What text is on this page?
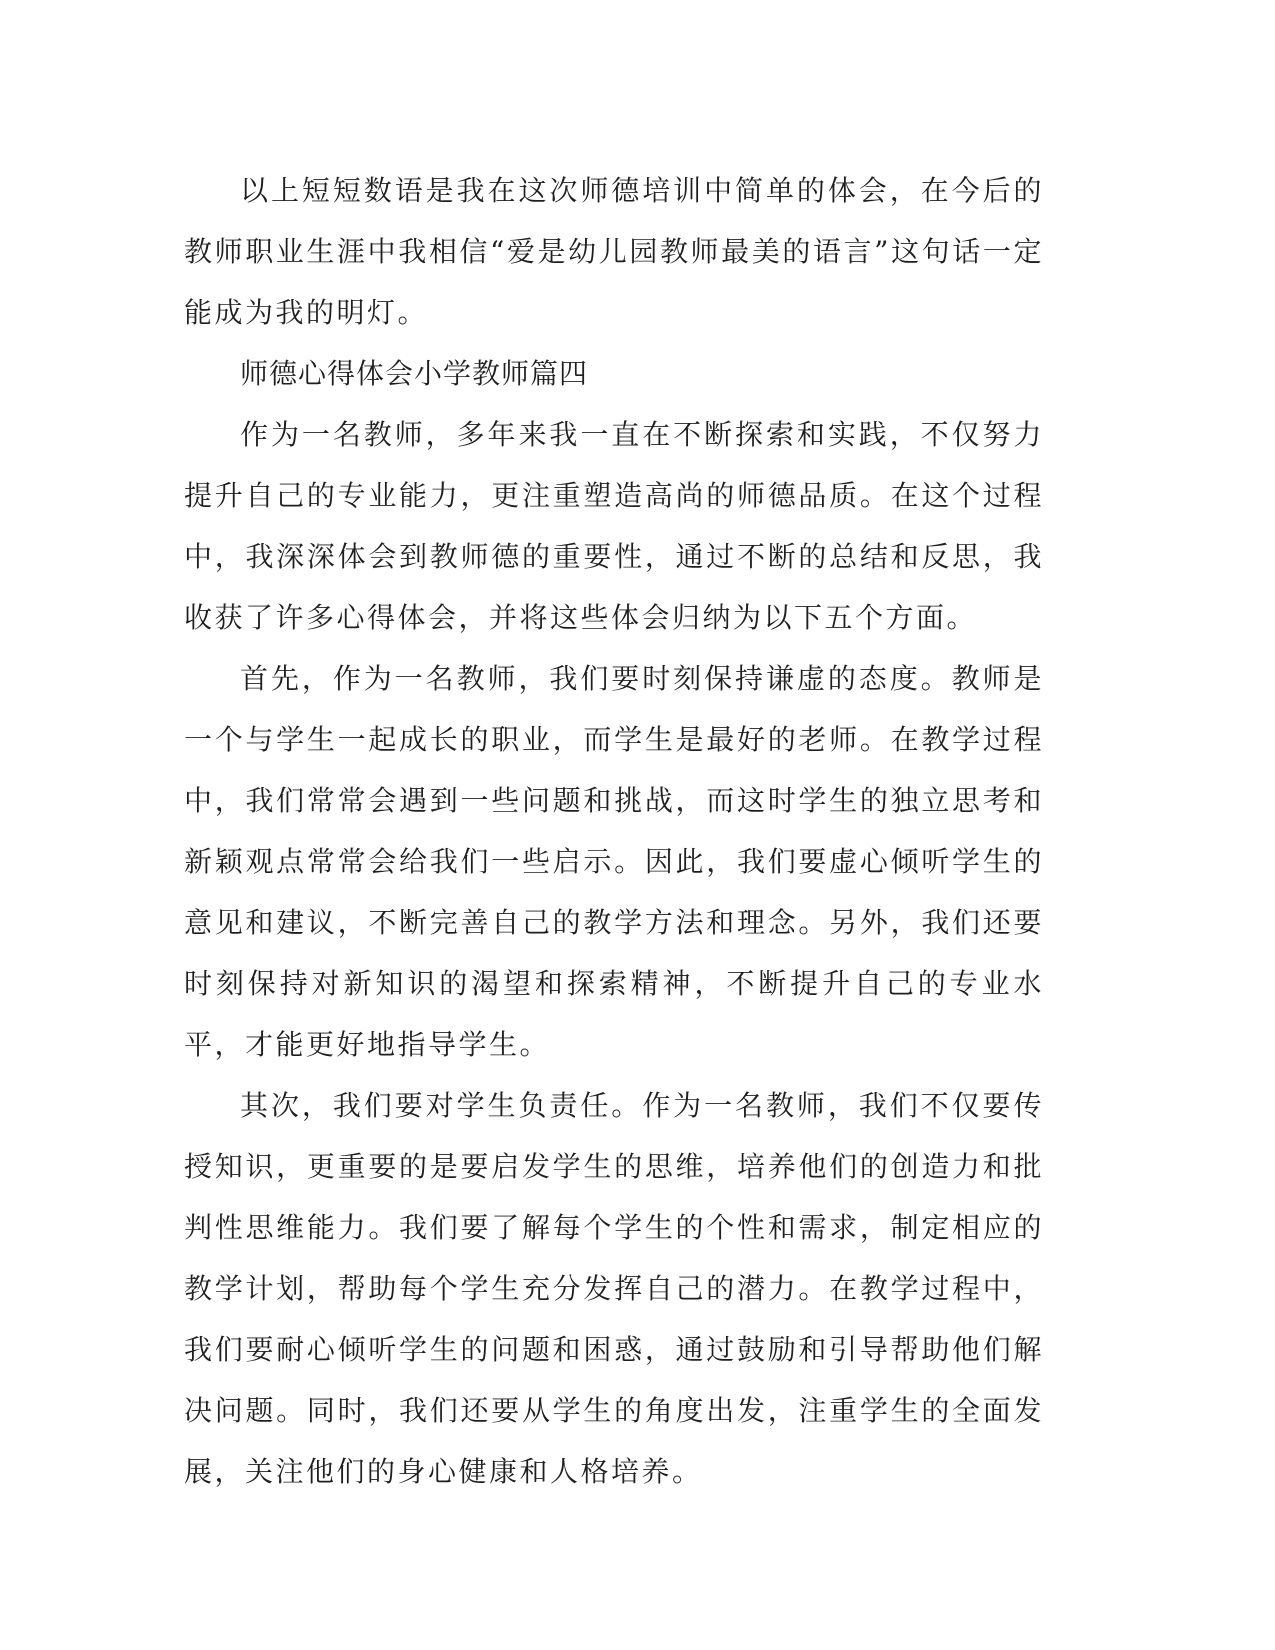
以上短短数语是我在这次师德培训中简单的体会，在今后的教师职业生涯中我相信“爱是幼儿园教师最美的语言”这句话一定能成为我的明灯。

师德心得体会小学教师篇四

作为一名教师，多年来我一直在不断探索和实践，不仅努力提升自己的专业能力，更注重塑造高尚的师德品质。在这个过程中，我深深体会到教师德的重要性，通过不断的总结和反思，我收获了许多心得体会，并将这些体会归纳为以下五个方面。

首先，作为一名教师，我们要时刻保持谦虚的态度。教师是一个与学生一起成长的职业，而学生是最好的老师。在教学过程中，我们常常会遇到一些问题和挑战，而这时学生的独立思考和新颖观点常常会给我们一些启示。因此，我们要虚心倾听学生的意见和建议，不断完善自己的教学方法和理念。另外，我们还要时刻保持对新知识的渴望和探索精神，不断提升自己的专业水平，才能更好地指导学生。

其次，我们要对学生负责任。作为一名教师，我们不仅要传授知识，更重要的是要启发学生的思维，培养他们的创造力和批判性思维能力。我们要了解每个学生的个性和需求，制定相应的教学计划，帮助每个学生充分发挥自己的潜力。在教学过程中，我们要耐心倾听学生的问题和困惑，通过鼓励和引导帮助他们解决问题。同时，我们还要从学生的角度出发，注重学生的全面发展，关注他们的身心健康和人格培养。
